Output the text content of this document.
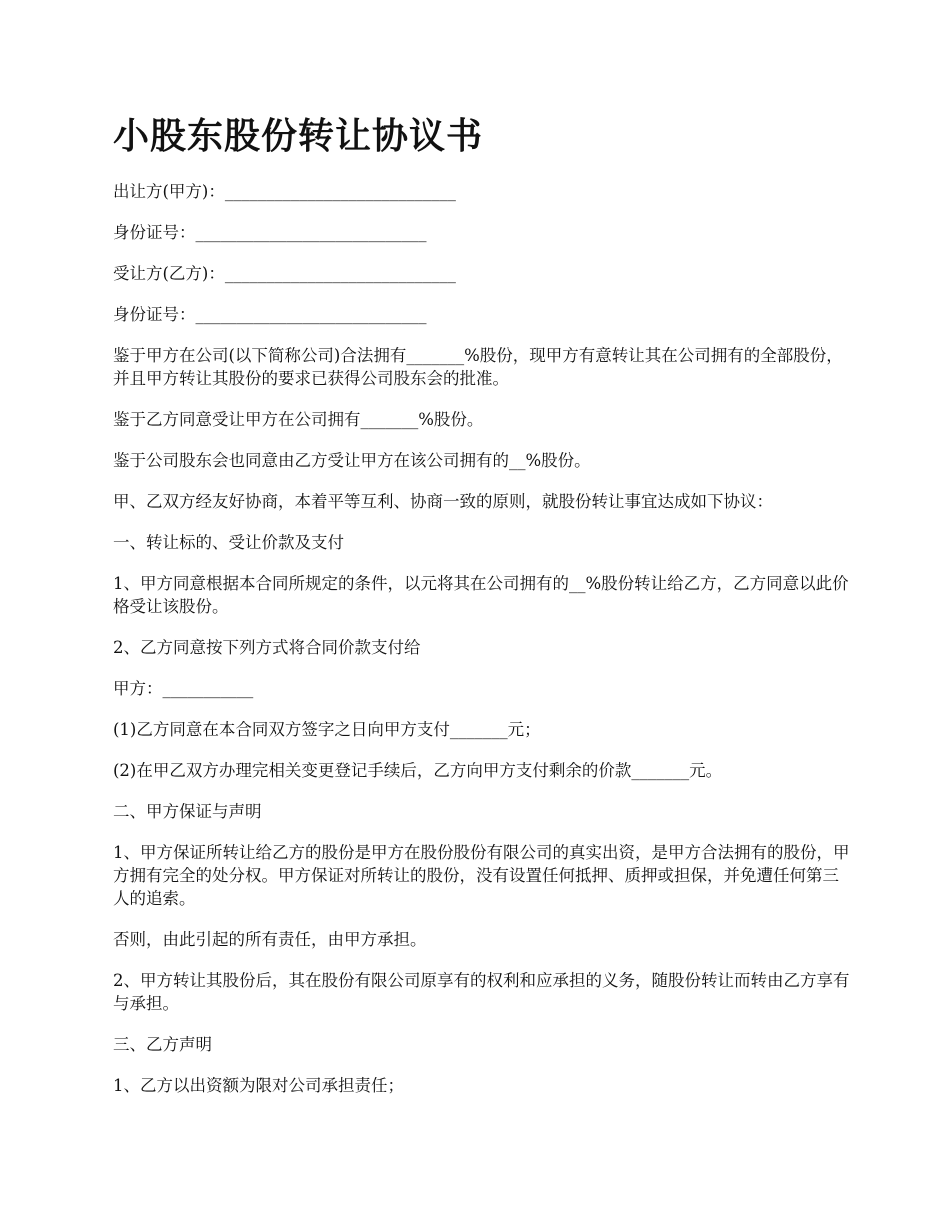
小股东股份转让协议书

出让方(甲方)：____________________________

身份证号：____________________________

受让方(乙方)：____________________________

身份证号：____________________________

鉴于甲方在公司(以下简称公司)合法拥有_______%股份，现甲方有意转让其在公司拥有的全部股份，并且甲方转让其股份的要求已获得公司股东会的批准。

鉴于乙方同意受让甲方在公司拥有_______%股份。

鉴于公司股东会也同意由乙方受让甲方在该公司拥有的__%股份。

甲、乙双方经友好协商，本着平等互利、协商一致的原则，就股份转让事宜达成如下协议：

一、转让标的、受让价款及支付

1、甲方同意根据本合同所规定的条件，以元将其在公司拥有的__%股份转让给乙方，乙方同意以此价格受让该股份。

2、乙方同意按下列方式将合同价款支付给

甲方：___________

(1)乙方同意在本合同双方签字之日向甲方支付_______元；

(2)在甲乙双方办理完相关变更登记手续后，乙方向甲方支付剩余的价款_______元。

二、甲方保证与声明

1、甲方保证所转让给乙方的股份是甲方在股份股份有限公司的真实出资，是甲方合法拥有的股份，甲方拥有完全的处分权。甲方保证对所转让的股份，没有设置任何抵押、质押或担保，并免遭任何第三人的追索。

否则，由此引起的所有责任，由甲方承担。

2、甲方转让其股份后，其在股份有限公司原享有的权利和应承担的义务，随股份转让而转由乙方享有与承担。

三、乙方声明

1、乙方以出资额为限对公司承担责任；
